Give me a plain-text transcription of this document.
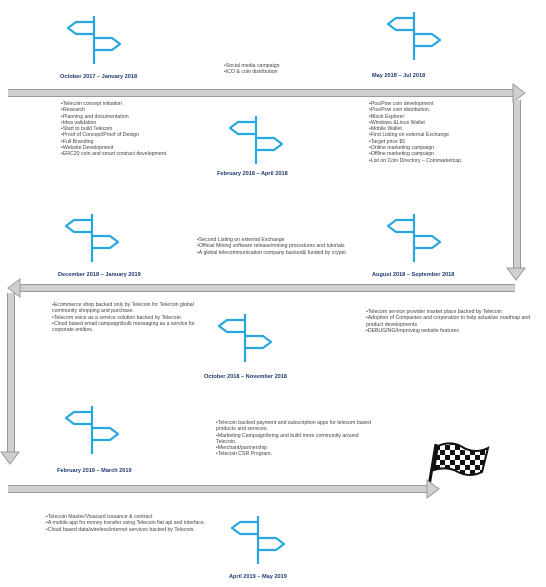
October 2017 – January 2018
• Social media campaign
• ICO & coin distribution
May 2018 – Jul 2018
• Telecoin concept initiation
• Research
• Planning and documentation
• Idea validation
• Start to build Telecoin
• Proof of Concept/Proof of Design
• Full Branding
• Website Development
• ERC20 coin and smart contract development.
February 2018 – April 2018
• Pos/Pow coin development
• Pos/Pow coin distribution.
• Block Explorer
• Windows &Linux Wallet
• Mobile Wallet
• First Listing on external Exchange
• Target price $5
• Online marketing campaign
• Offline marketing campaign
• List on Coin Directory – Coinmarketcap.
December 2018 – January 2019
• Second Listing on external Exchange
• Official Mining software release/mining procedures and tutorials
• A global telecommunication company backed& funded by crypto
August 2018 – September 2018
• Ecommerce shop backed only by Telecoin for Telecoin global community shopping and purchase.
• Telecom voice as a service solution backed by Telecoin.
• Cloud based email campaign/bulk messaging as a service for corporate entities.
October 2018 – November 2018
• Telecom service provider market place backed by Telecoin
• Adoption of Companies and corporation to help actualize roadmap and product developments
• DEBUGING/Improving website features
February 2019 – March 2019
• Telecoin backed payment and subscription apps for telecom based products and services.
• Marketing Campaign/bring and build more community around Telecoin.
• Merchant/partnership
• Telecoin CSR Program.
• Telecoin Master/Visacard issuance & contract
• A mobile app for money transfer using Telecoin fiat api and interface.
• Cloud based data/wireless/internet services backed by Telecoin.
April 2019 – May 2019
